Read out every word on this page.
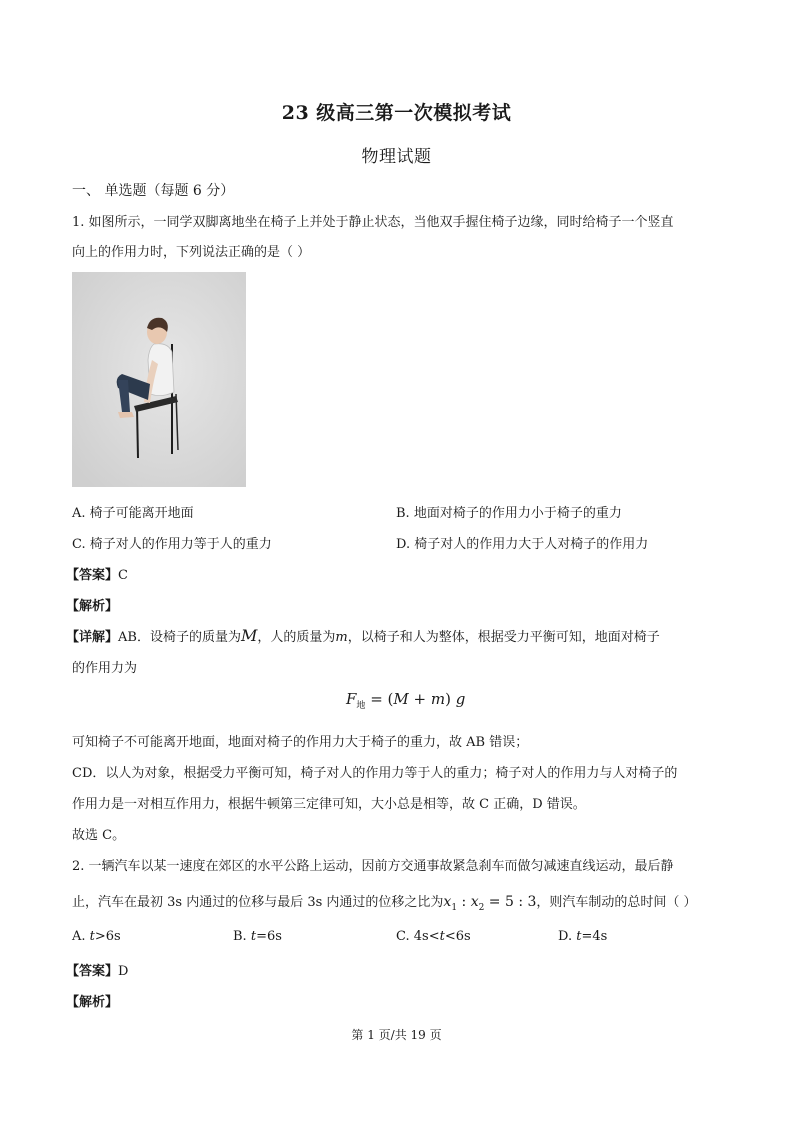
23 级高三第一次模拟考试
物理试题
一、 单选题（每题 6 分）
1. 如图所示，一同学双脚离地坐在椅子上并处于静止状态，当他双手握住椅子边缘，同时给椅子一个竖直
向上的作用力时，下列说法正确的是（ ）
A. 椅子可能离开地面	B. 地面对椅子的作用力小于椅子的重力
C. 椅子对人的作用力等于人的重力	D. 椅子对人的作用力大于人对椅子的作用力
【答案】C
【解析】
【详解】AB．设椅子的质量为M，人的质量为m，以椅子和人为整体，根据受力平衡可知，地面对椅子
的作用力为
$F_地 = (M + m)$ g
可知椅子不可能离开地面，地面对椅子的作用力大于椅子的重力，故 AB 错误；
CD．以人为对象，根据受力平衡可知，椅子对人的作用力等于人的重力；椅子对人的作用力与人对椅子的
作用力是一对相互作用力，根据牛顿第三定律可知，大小总是相等，故 C 正确，D 错误。
故选 C。
2. 一辆汽车以某一速度在郊区的水平公路上运动，因前方交通事故紧急刹车而做匀减速直线运动，最后静
止，汽车在最初 3s 内通过的位移与最后 3s 内通过的位移之比为$x_1$ : $x_2 = 5$ : 3，则汽车制动的总时间（ ）
A. t>6s	B. t=6s	C. 4s<t<6s	D. t=4s
【答案】D
【解析】
第 1 页/共 19 页
